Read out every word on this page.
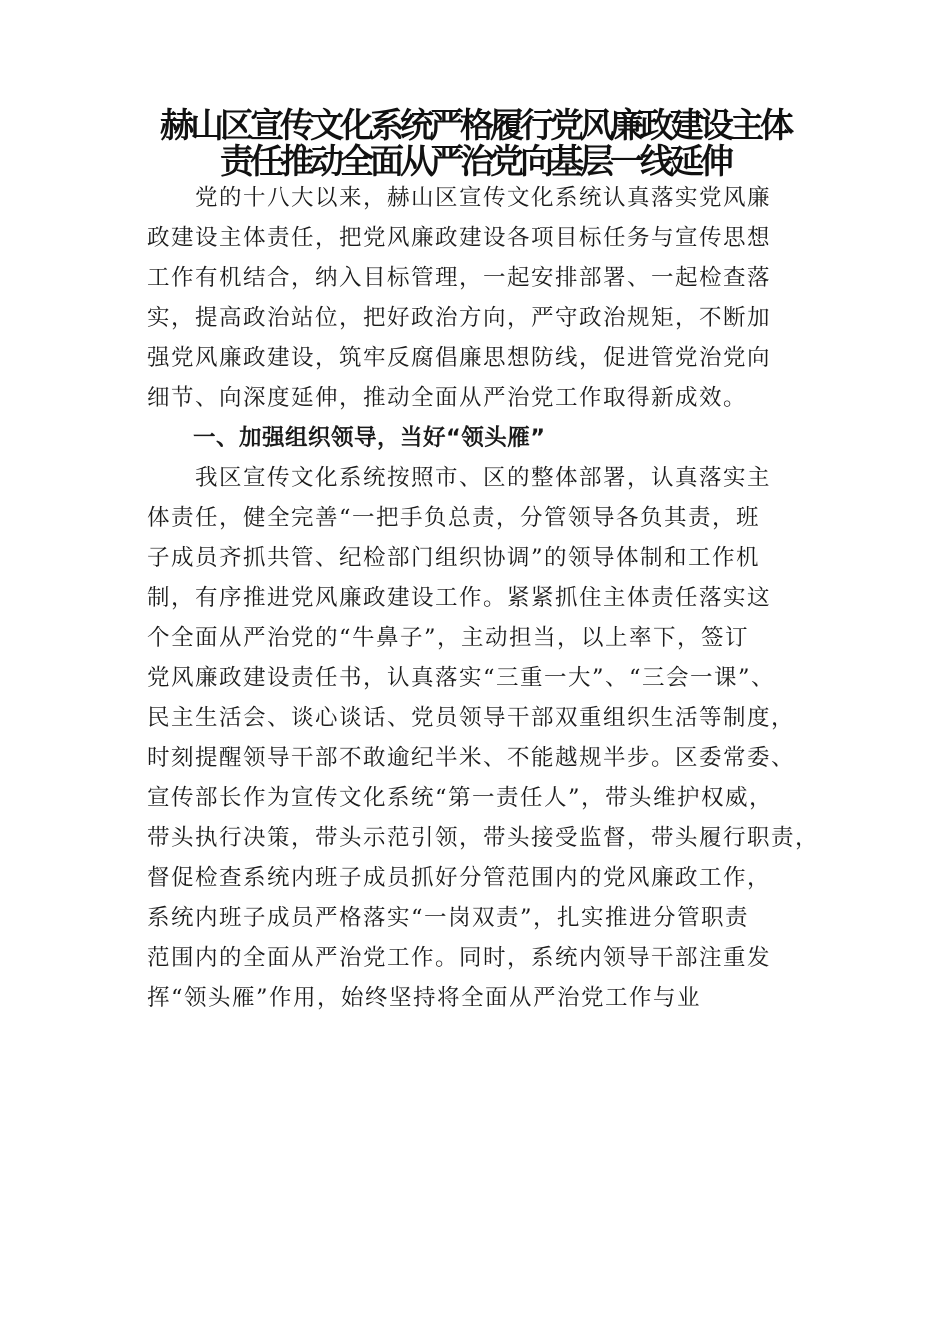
赫山区宣传文化系统严格履行党风廉政建设主体
责任推动全面从严治党向基层一线延伸
　　党的十八大以来，赫山区宣传文化系统认真落实党风廉
政建设主体责任，把党风廉政建设各项目标任务与宣传思想
工作有机结合，纳入目标管理，一起安排部署、一起检查落
实，提高政治站位，把好政治方向，严守政治规矩，不断加
强党风廉政建设，筑牢反腐倡廉思想防线，促进管党治党向
细节、向深度延伸，推动全面从严治党工作取得新成效。
　　一、加强组织领导，当好“领头雁”
　　我区宣传文化系统按照市、区的整体部署，认真落实主
体责任，健全完善“一把手负总责，分管领导各负其责，班
子成员齐抓共管、纪检部门组织协调”的领导体制和工作机
制，有序推进党风廉政建设工作。紧紧抓住主体责任落实这
个全面从严治党的“牛鼻子”，主动担当，以上率下，签订
党风廉政建设责任书，认真落实“三重一大”、“三会一课”、
民主生活会、谈心谈话、党员领导干部双重组织生活等制度，
时刻提醒领导干部不敢逾纪半米、不能越规半步。区委常委、
宣传部长作为宣传文化系统“第一责任人”，带头维护权威，
带头执行决策，带头示范引领，带头接受监督，带头履行职责，
督促检查系统内班子成员抓好分管范围内的党风廉政工作，
系统内班子成员严格落实“一岗双责”，扎实推进分管职责
范围内的全面从严治党工作。同时，系统内领导干部注重发
挥“领头雁”作用，始终坚持将全面从严治党工作与业
